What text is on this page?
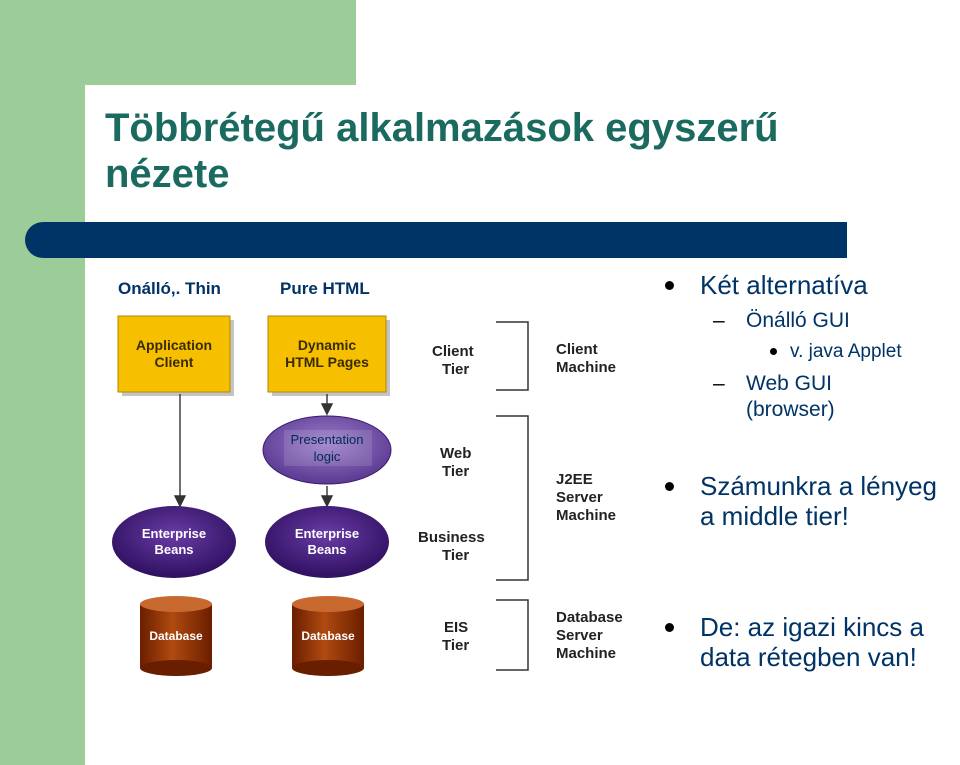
Többrétegű alkalmazások egyszerű nézete
Onálló,. Thin	Pure HTML
Application
Client
Dynamic
HTML Pages
Presentation
logic
Enterprise
Beans
Enterprise
Beans
Database	Database
Client
Tier
Web
Tier
Business
Tier
EIS
Tier
Client
Machine
J2EE
Server
Machine
Database
Server
Machine
Két alternatíva
– Önálló GUI
v. java Applet
– Web GUI
(browser)
Számunkra a lényeg
a middle tier!
De: az igazi kincs a
data rétegben van!
